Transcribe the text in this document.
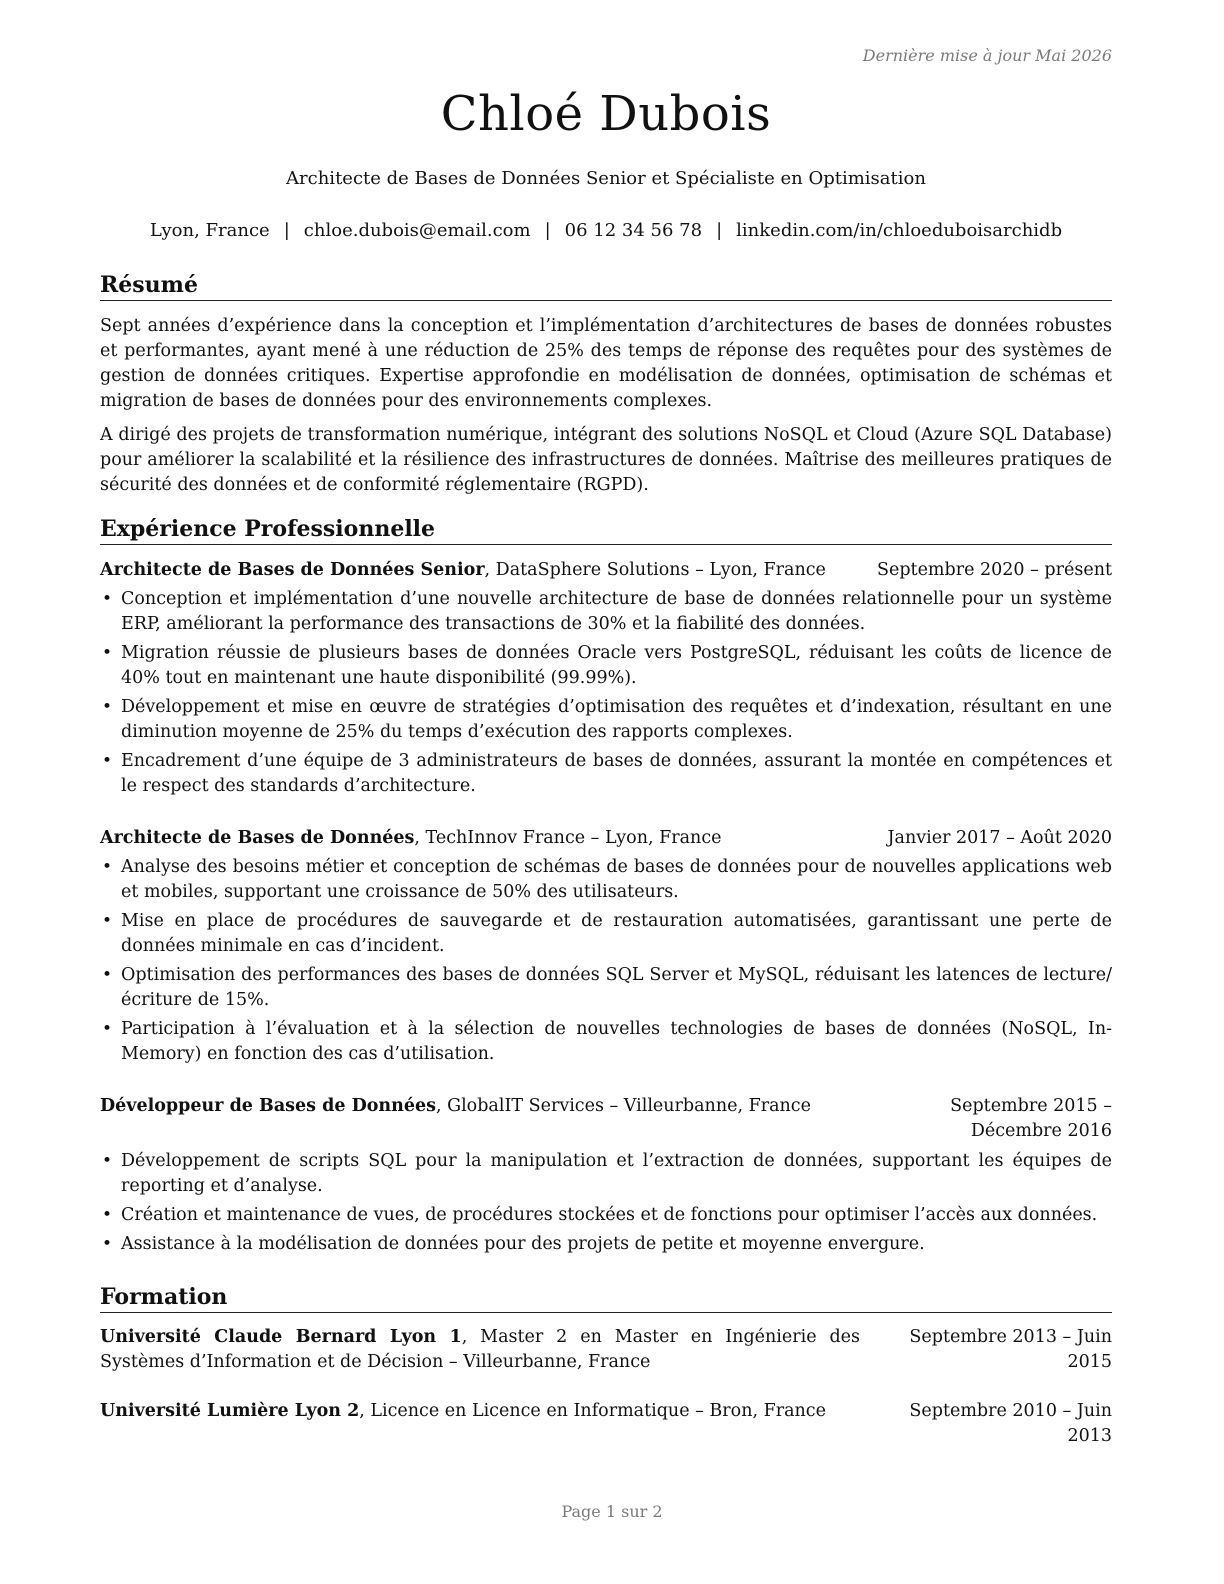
Dernière mise à jour Mai 2026
Chloé Dubois
Architecte de Bases de Données Senior et Spécialiste en Optimisation
Lyon, France | chloe.dubois@email.com | 06 12 34 56 78 | linkedin.com/in/chloeduboisarchidb
Résumé

Sept années d’expérience dans la conception et l’implémentation d’architectures de bases de données robustes et performantes, ayant mené à une réduction de 25% des temps de réponse des requêtes pour des systèmes de gestion de données critiques. Expertise approfondie en modélisation de données, optimisation de schémas et migration de bases de données pour des environnements complexes.

A dirigé des projets de transformation numérique, intégrant des solutions NoSQL et Cloud (Azure SQL Database) pour améliorer la scalabilité et la résilience des infrastructures de données. Maîtrise des meilleures pratiques de sécurité des données et de conformité réglementaire (RGPD).

Expérience Professionnelle
Architecte de Bases de Données Senior, DataSphere Solutions – Lyon, France	Septembre 2020 – présent
• Conception et implémentation d’une nouvelle architecture de base de données relationnelle pour un système ERP, améliorant la performance des transactions de 30% et la fiabilité des données.
• Migration réussie de plusieurs bases de données Oracle vers PostgreSQL, réduisant les coûts de licence de 40% tout en maintenant une haute disponibilité (99.99%).
• Développement et mise en œuvre de stratégies d’optimisation des requêtes et d’indexation, résultant en une diminution moyenne de 25% du temps d’exécution des rapports complexes.
• Encadrement d’une équipe de 3 administrateurs de bases de données, assurant la montée en compétences et le respect des standards d’architecture.
Architecte de Bases de Données, TechInnov France – Lyon, France	Janvier 2017 – Août 2020
• Analyse des besoins métier et conception de schémas de bases de données pour de nouvelles applications web et mobiles, supportant une croissance de 50% des utilisateurs.
• Mise en place de procédures de sauvegarde et de restauration automatisées, garantissant une perte de données minimale en cas d’incident.
• Optimisation des performances des bases de données SQL Server et MySQL, réduisant les latences de lecture/écriture de 15%.
• Participation à l’évaluation et à la sélection de nouvelles technologies de bases de données (NoSQL, In-Memory) en fonction des cas d’utilisation.
Développeur de Bases de Données, GlobalIT Services – Villeurbanne, France	Septembre 2015 – Décembre 2016
• Développement de scripts SQL pour la manipulation et l’extraction de données, supportant les équipes de reporting et d’analyse.
• Création et maintenance de vues, de procédures stockées et de fonctions pour optimiser l’accès aux données.
• Assistance à la modélisation de données pour des projets de petite et moyenne envergure.
Formation
Université Claude Bernard Lyon 1, Master 2 en Master en Ingénierie des Systèmes d’Information et de Décision – Villeurbanne, France
Septembre 2013 – Juin 2015
Université Lumière Lyon 2, Licence en Licence en Informatique – Bron, France	Septembre 2010 – Juin 2013
Page 1 sur 2
